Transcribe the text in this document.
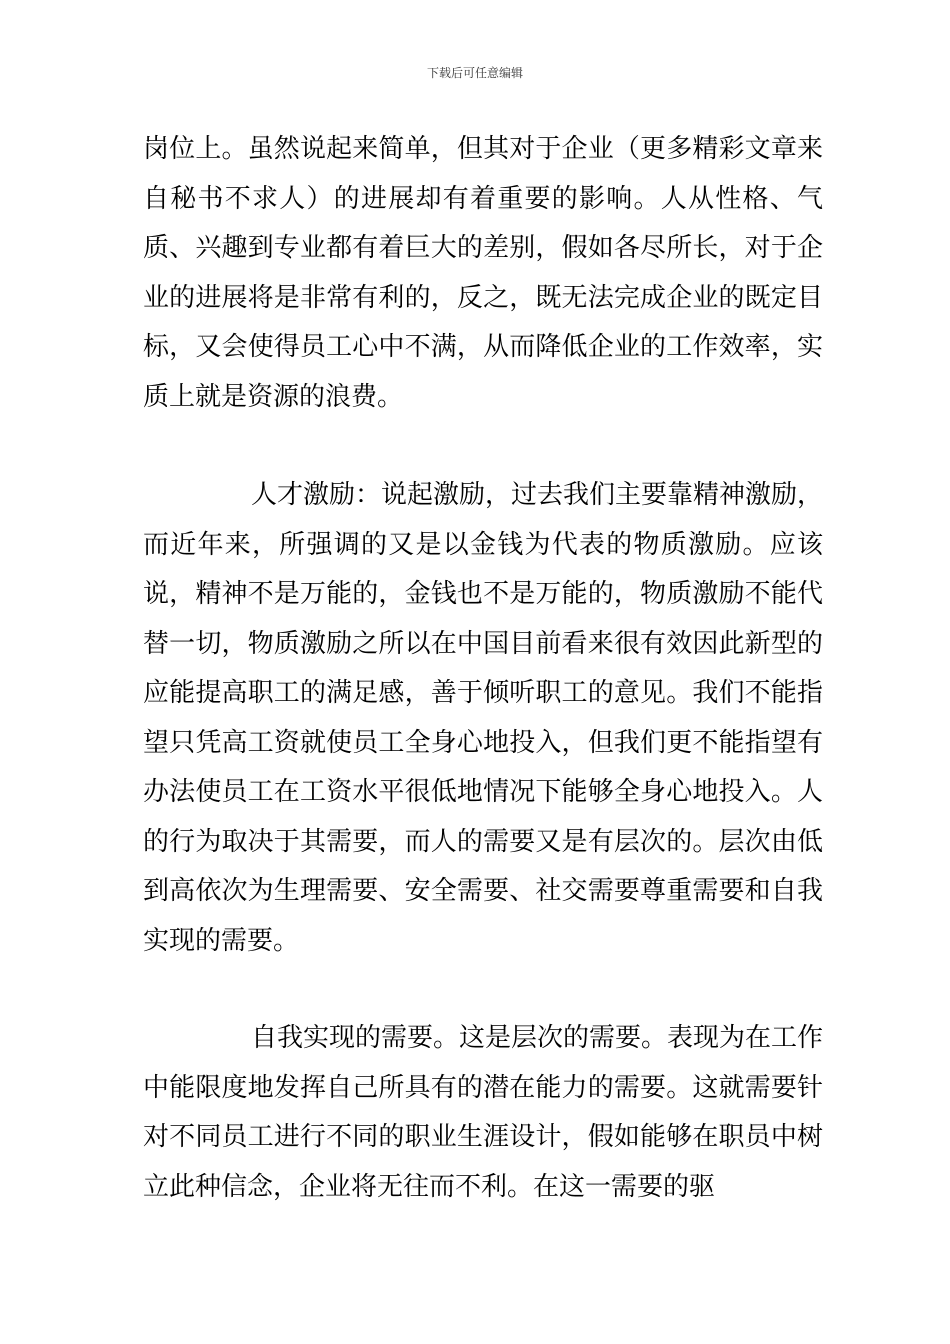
下载后可任意编辑

岗位上。虽然说起来简单，但其对于企业（更多精彩文章来自秘书不求人）的进展却有着重要的影响。人从性格、气质、兴趣到专业都有着巨大的差别，假如各尽所长，对于企业的进展将是非常有利的，反之，既无法完成企业的既定目标，又会使得员工心中不满，从而降低企业的工作效率，实质上就是资源的浪费。

人才激励：说起激励，过去我们主要靠精神激励，而近年来，所强调的又是以金钱为代表的物质激励。应该说，精神不是万能的，金钱也不是万能的，物质激励不能代替一切，物质激励之所以在中国目前看来很有效因此新型的应能提高职工的满足感，善于倾听职工的意见。我们不能指望只凭高工资就使员工全身心地投入，但我们更不能指望有办法使员工在工资水平很低地情况下能够全身心地投入。人的行为取决于其需要，而人的需要又是有层次的。层次由低到高依次为生理需要、安全需要、社交需要尊重需要和自我实现的需要。

自我实现的需要。这是层次的需要。表现为在工作中能限度地发挥自己所具有的潜在能力的需要。这就需要针对不同员工进行不同的职业生涯设计，假如能够在职员中树立此种信念，企业将无往而不利。在这一需要的驱
